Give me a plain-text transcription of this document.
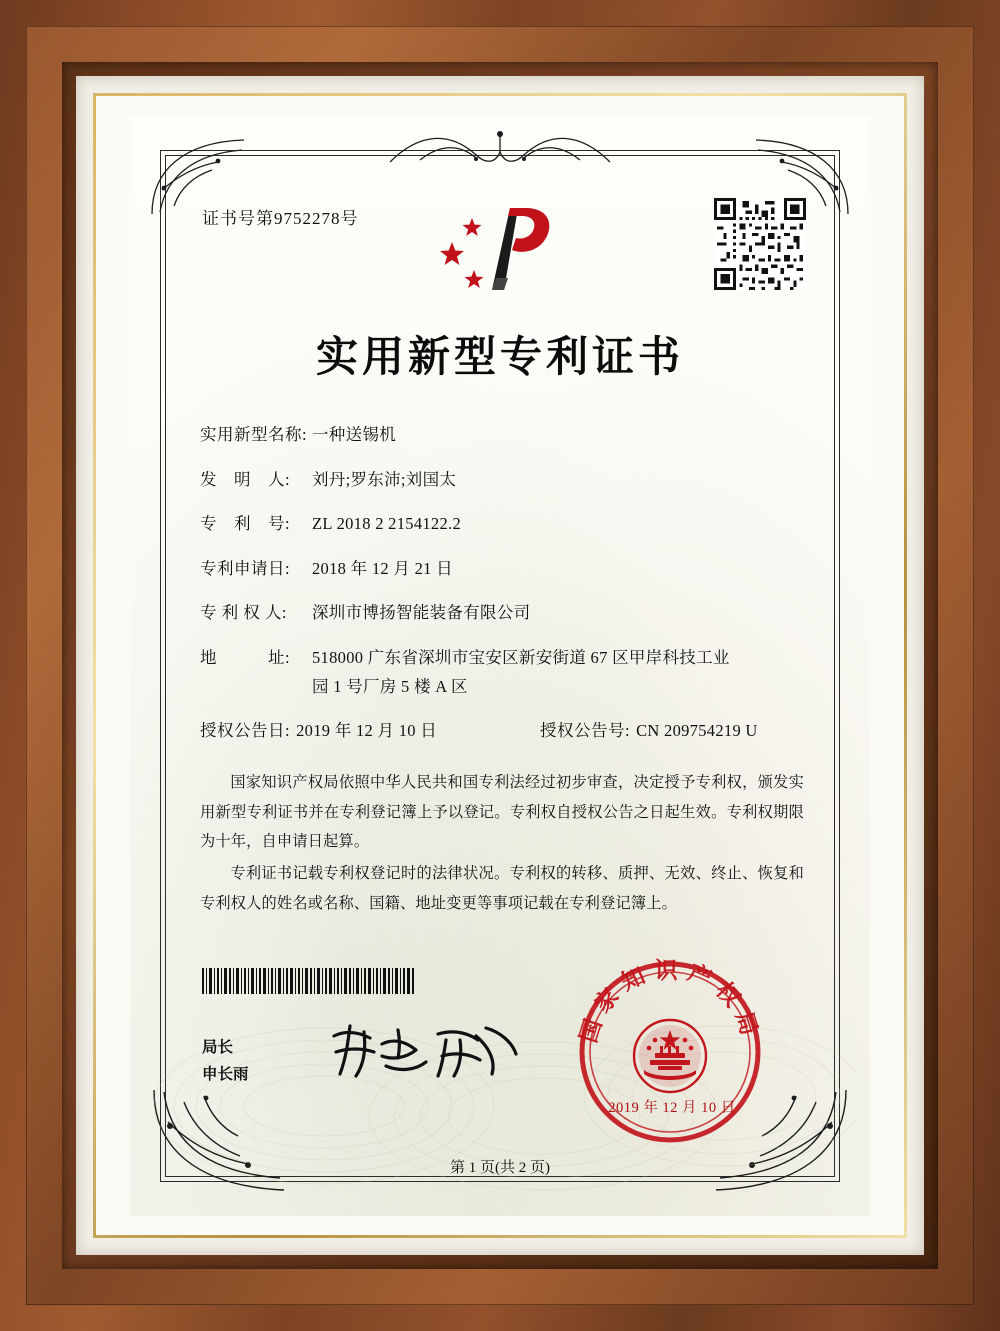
证书号第9752278号
实用新型专利证书
实用新型名称: 一种送锡机
发　明　人:	刘丹;罗东沛;刘国太
专　利　号:	ZL 2018 2 2154122.2
专利申请日:	2018 年 12 月 21 日
专 利 权 人:	深圳市博扬智能装备有限公司
地　　　址:	518000 广东省深圳市宝安区新安街道 67 区甲岸科技工业
园 1 号厂房 5 楼 A 区
授权公告日: 2019 年 12 月 10 日	授权公告号: CN 209754219 U

国家知识产权局依照中华人民共和国专利法经过初步审查，决定授予专利权，颁发实用新型专利证书并在专利登记簿上予以登记。专利权自授权公告之日起生效。专利权期限为十年，自申请日起算。

专利证书记载专利权登记时的法律状况。专利权的转移、质押、无效、终止、恢复和专利权人的姓名或名称、国籍、地址变更等事项记载在专利登记簿上。

局长
申长雨
国家知识产权局
2019 年 12 月 10 日
第 1 页(共 2 页)
